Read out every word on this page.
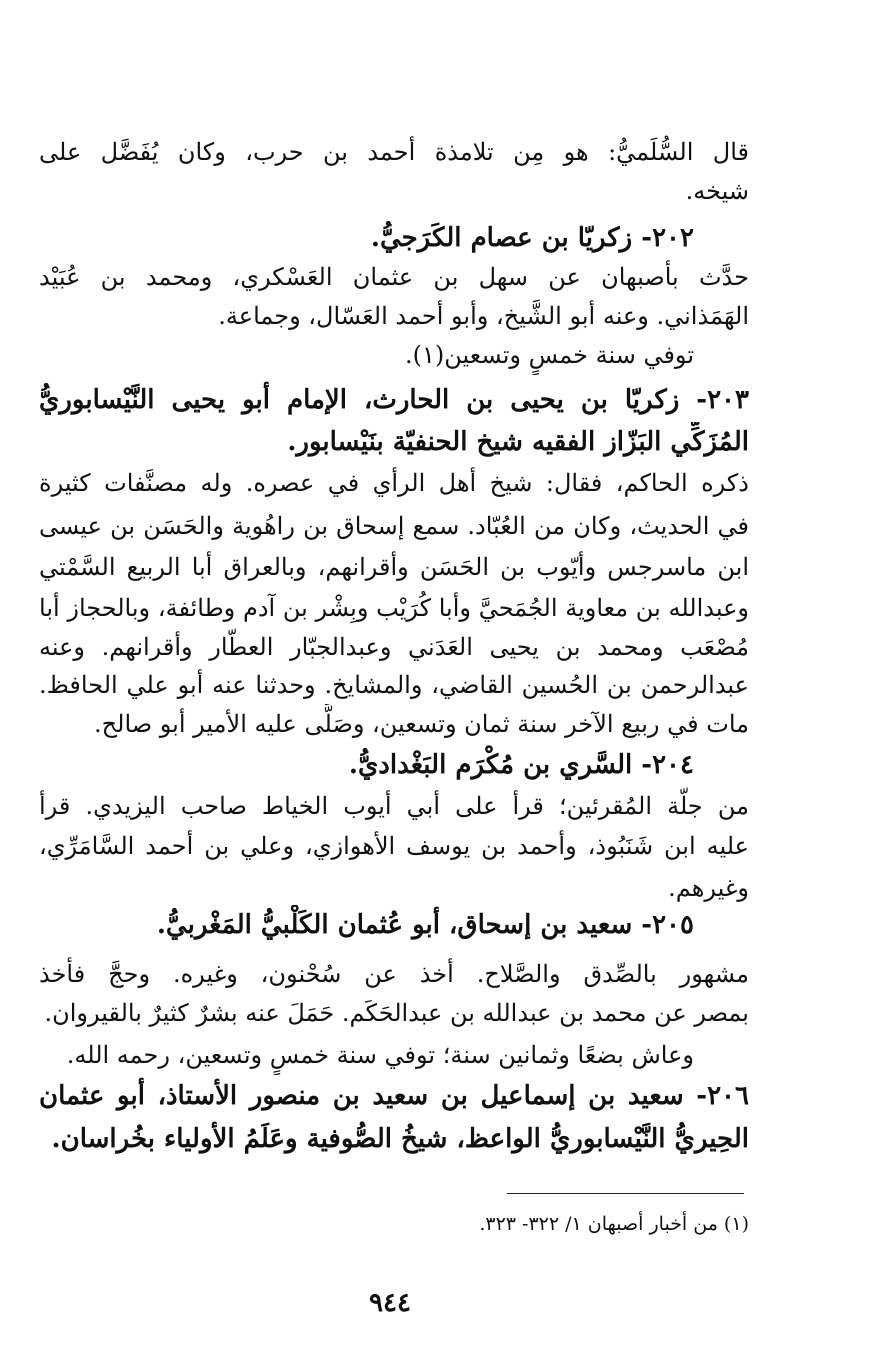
قال السُّلَميُّ: هو مِن تلامذة أحمد بن حرب، وكان يُفَضَّل على
شيخه.
٢٠٢- زكريّا بن عصام الكَرَجيُّ.
حدَّث بأصبهان عن سهل بن عثمان العَسْكري، ومحمد بن عُبَيْد
الهَمَذاني. وعنه أبو الشَّيخ، وأبو أحمد العَسّال، وجماعة.
توفي سنة خمسٍ وتسعين(١).
٢٠٣- زكريّا بن يحيى بن الحارث، الإمام أبو يحيى النَّيْسابوريُّ
المُزَكِّي البَزّاز الفقيه شيخ الحنفيّة بنَيْسابور.
ذكره الحاكم، فقال: شيخ أهل الرأي في عصره. وله مصنَّفات كثيرة
في الحديث، وكان من العُبّاد. سمع إسحاق بن راهُوية والحَسَن بن عيسى
ابن ماسرجس وأيّوب بن الحَسَن وأقرانهم، وبالعراق أبا الربيع السَّمْتي
وعبدالله بن معاوية الجُمَحيَّ وأبا كُرَيْب وبِشْر بن آدم وطائفة، وبالحجاز أبا
مُصْعَب ومحمد بن يحيى العَدَني وعبدالجبّار العطّار وأقرانهم. وعنه
عبدالرحمن بن الحُسين القاضي، والمشايخ. وحدثنا عنه أبو علي الحافظ.
مات في ربيع الآخر سنة ثمان وتسعين، وصَلَّى عليه الأمير أبو صالح.
٢٠٤- السَّري بن مُكْرَم البَغْداديُّ.
من جلّة المُقرئين؛ قرأ على أبي أيوب الخياط صاحب اليزيدي. قرأ
عليه ابن شَنَبُوذ، وأحمد بن يوسف الأهوازي، وعلي بن أحمد السَّامَرِّي،
وغيرهم.
٢٠٥- سعيد بن إسحاق، أبو عُثمان الكَلْبيُّ المَغْربيُّ.
مشهور بالصِّدق والصَّلاح. أخذ عن سُحْنون، وغيره. وحجَّ فأخذ
بمصر عن محمد بن عبدالله بن عبدالحَكَم. حَمَلَ عنه بشرٌ كثيرٌ بالقيروان.
وعاش بضعًا وثمانين سنة؛ توفي سنة خمسٍ وتسعين، رحمه الله.
٢٠٦- سعيد بن إسماعيل بن سعيد بن منصور الأستاذ، أبو عثمان
الحِيريُّ النَّيْسابوريُّ الواعظ، شيخُ الصُّوفية وعَلَمُ الأولياء بخُراسان.
(١) من أخبار أصبهان ١/ ٣٢٢- ٣٢٣.
٩٤٤
